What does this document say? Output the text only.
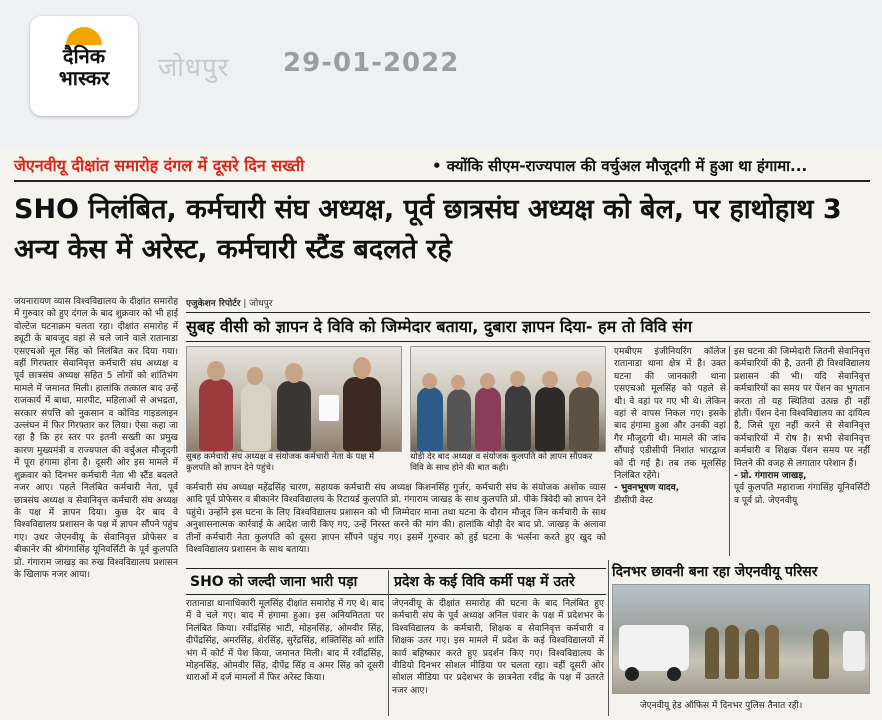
दैनिक
भास्कर	जोधपुर 29-01-2022
जेएनवीयू दीक्षांत समारोह दंगल में दूसरे दिन सख्ती	• क्योंकि सीएम-राज्यपाल की वर्चुअल मौजूदगी में हुआ था हंगामा...
SHO निलंबित, कर्मचारी संघ अध्यक्ष, पूर्व छात्रसंघ अध्यक्ष को बेल, पर हाथोहाथ 3 अन्य केस में अरेस्ट, कर्मचारी स्टैंड बदलते रहे
जयनारायण व्यास विश्वविद्यालय के दीक्षांत समारोह में गुरुवार को हुए दंगल के बाद शुक्रवार को भी हाई वोल्टेज घटनाक्रम चलता रहा। दीक्षांत समारोह में ड्यूटी के बावजूद वहां से चले जाने वाले रातानाडा एसएचओ मूल सिंह को निलंबित कर दिया गया। वहीं गिरफ्तार सेवानिवृत्त कर्मचारी संघ अध्यक्ष व पूर्व छात्रसंघ अध्यक्ष सहित 5 लोगों को शांतिभंग मामले में जमानत मिली। हालांकि तत्काल बाद उन्हें राजकार्य में बाधा, मारपीट, महिलाओं से अभद्रता, सरकार संपत्ति को नुकसान व कोविड गाइडलाइन उल्लंघन में फिर गिरफ्तार कर लिया। ऐसा कहा जा रहा है कि हर स्तर पर इतनी सख्ती का प्रमुख कारण मुख्यमंत्री व राज्यपाल की वर्चुअल मौजूदगी में पूरा हंगामा होना है। दूसरी ओर इस मामले में शुक्रवार को दिनभर कर्मचारी नेता भी स्टैंड बदलते नजर आए। पहले निलंबित कर्मचारी नेता, पूर्व छात्रसंघ अध्यक्ष व सेवानिवृत्त कर्मचारी संघ अध्यक्ष के पक्ष में ज्ञापन दिया। कुछ देर बाद वे विश्वविद्यालय प्रशासन के पक्ष में ज्ञापन सौंपने पहुंच गए। उधर जेएनवीयू के सेवानिवृत्त प्रोफेसर व बीकानेर की श्रीगंगासिंह यूनिवर्सिटी के पूर्व कुलपति प्रो. गंगाराम जाखड़ का रुख विश्वविद्यालय प्रशासन के खिलाफ नजर आया।
एजुकेशन रिपोर्टर | जोधपुर
सुबह वीसी को ज्ञापन दे विवि को जिम्मेदार बताया, दुबारा ज्ञापन दिया- हम तो विवि संग
सुबह कर्मचारी संघ अध्यक्ष व संयोजक कर्मचारी नेता के पक्ष में कुलपति को ज्ञापन देने पहुंचे।
थोड़ी देर बाद अध्यक्ष व संयोजक कुलपति को ज्ञापन सौंपकर विवि के साथ होने की बात कही।
एमबीएम इंजीनियरिंग कॉलेज रातानाडा थाना क्षेत्र में है। उक्त घटना की जानकारी थाना एसएचओ मूलसिंह को पहले से थी। वे वहां पर गए भी थे। लेकिन वहां से वापस निकल गए। इसके बाद हंगामा हुआ और उनकी वहां गैर मौजूदगी थी। मामले की जांच सौंपाई एडीसीपी निशांत भारद्वाज को दी गई है। तब तक मूलसिंह निलंबित रहेंगे।
- भुवनभूषण यादव,
डीसीपी वेस्ट
इस घटना की जिम्मेदारी जितनी सेवानिवृत्त कर्मचारियों की है, उतनी ही विश्वविद्यालय प्रशासन की भी। यदि सेवानिवृत्त कर्मचारियों का समय पर पेंशन का भुगतान करता तो यह स्थितियां उत्पन्न ही नहीं होती। पेंशन देना विश्वविद्यालय का दायित्व है, जिसे पूरा नहीं करने से सेवानिवृत्त कर्मचारियों में रोष है। सभी सेवानिवृत्त कर्मचारी व शिक्षक पेंशन समय पर नहीं मिलने की वजह से लगातार परेशान हैं।
- प्रो. गंगाराम जाखड़,
पूर्व कुलपति महाराजा गंगासिंह यूनिवर्सिटी व पूर्व प्रो. जेएनवीयू
कर्मचारी संघ अध्यक्ष महेंद्रसिंह चारण, सहायक कर्मचारी संघ अध्यक्ष किशनसिंह गुर्जर, कर्मचारी संघ के संयोजक अशोक व्यास आदि पूर्व प्रोफेसर व बीकानेर विश्वविद्यालय के रिटायर्ड कुलपति प्रो. गंगाराम जाखड़ के साथ कुलपति प्रो. पीके त्रिवेदी को ज्ञापन देने पहुंचे। उन्होंने इस घटना के लिए विश्वविद्यालय प्रशासन को भी जिम्मेदार माना तथा घटना के दौरान मौजूद जिन कर्मचारी के साथ अनुशासनात्मक कार्रवाई के आदेश जारी किए गए, उन्हें निरस्त करने की मांग की। हालांकि थोड़ी देर बाद प्रो. जाखड़ के अलावा तीनों कर्मचारी नेता कुलपति को दूसरा ज्ञापन सौंपने पहुंच गए। इसमें गुरुवार को हुई घटना के भर्त्सना करते हुए खुद को विश्वविद्यालय प्रशासन के साथ बताया।
SHO को जल्दी जाना भारी पड़ा	प्रदेश के कई विवि कर्मी पक्ष में उतरे
रातानाडा थानाधिकारी मूलसिंह दीक्षांत समारोह में गए थे। बाद में वे चले गए। बाद में हंगामा हुआ। इस अनियमितता पर निलंबित किया। रवींद्रसिंह भाटी, मोहनसिंह, ओमवीर सिंह, दीपेंद्रसिंह, अमरसिंह, शेरसिंह, सुरेंद्रसिंह, शक्तिसिंह को शांति भंग में कोर्ट में पेश किया, जमानत मिली। बाद में रवींद्रसिंह, मोहनसिंह, ओमवीर सिंह, दीपेंद्र सिंह व अमर सिंह को दूसरी धाराओं में दर्ज मामलों में फिर अरेस्ट किया।
जेएनवीयू के दीक्षांत समारोह की घटना के बाद निलंबित हुए कर्मचारी संघ के पूर्व अध्यक्ष अनिल पंवार के पक्ष में प्रदेशभर के विश्वविद्यालय के कर्मचारी, शिक्षक व सेवानिवृत्त कर्मचारी व शिक्षक उतर गए। इस मामले में प्रदेश के कई विश्वविद्यालयों में कार्य बहिष्कार करते हुए प्रदर्शन किए गए। विश्वविद्यालय के वीडियो दिनभर सोशल मीडिया पर चलता रहा। वहीं दूसरी ओर सोशल मीडिया पर प्रदेशभर के छात्रनेता रवींद्र के पक्ष में उतरते नजर आए।
दिनभर छावनी बना रहा जेएनवीयू परिसर
जेएनवीयू हेड ऑफिस में दिनभर पुलिस तैनात रही।
